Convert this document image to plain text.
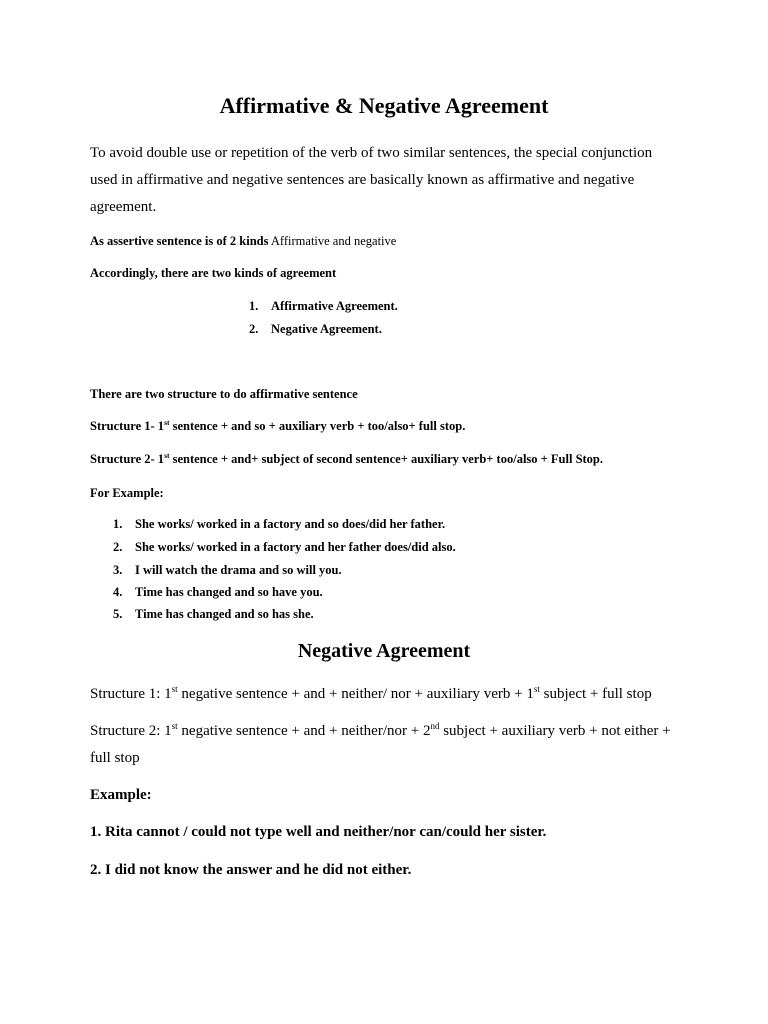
Affirmative & Negative Agreement
To avoid double use or repetition of the verb of two similar sentences, the special conjunction used in affirmative and negative sentences are basically known as affirmative and negative agreement.
As assertive sentence is of 2 kinds Affirmative and negative
Accordingly, there are two kinds of agreement
1. Affirmative Agreement.
2. Negative Agreement.
There are two structure to do affirmative sentence
Structure 1- 1st sentence + and so + auxiliary verb + too/also+ full stop.
Structure 2- 1st sentence + and+ subject of second sentence+ auxiliary verb+ too/also + Full Stop.
For Example:
1. She works/ worked in a factory and so does/did her father.
2. She works/ worked in a factory and her father does/did also.
3. I will watch the drama and so will you.
4. Time has changed and so have you.
5. Time has changed and so has she.
Negative Agreement
Structure 1: 1st negative sentence + and + neither/ nor + auxiliary verb + 1st subject + full stop
Structure 2: 1st negative sentence + and + neither/nor + 2nd subject + auxiliary verb + not either +
full stop
Example:
1. Rita cannot / could not type well and neither/nor can/could her sister.
2. I did not know the answer and he did not either.
